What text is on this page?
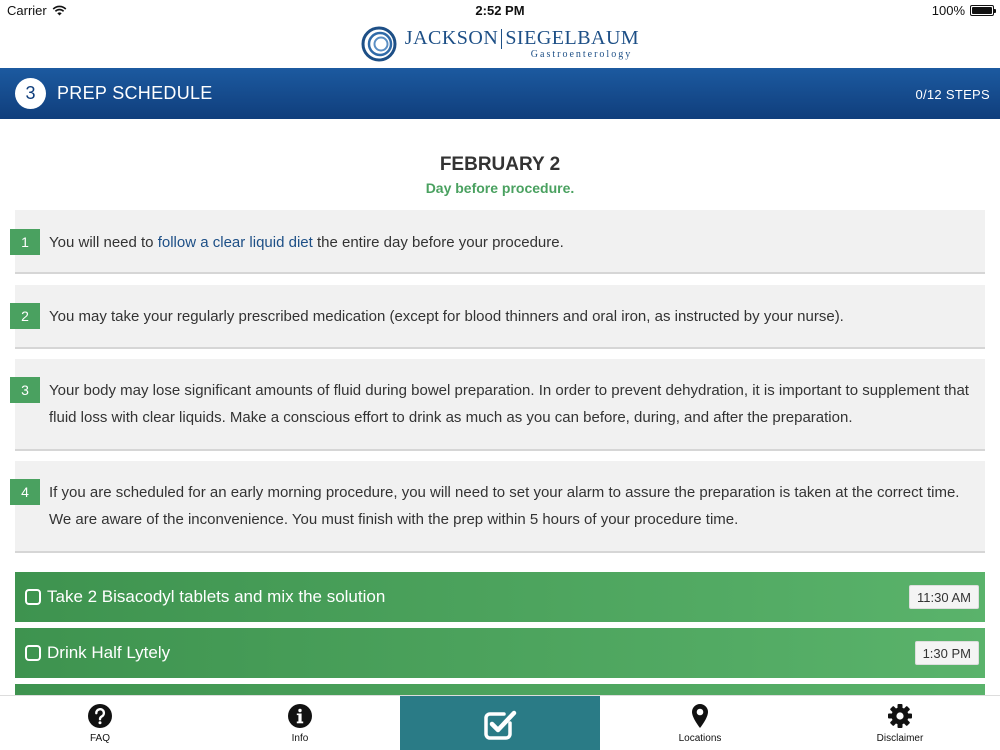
Carrier	2:52 PM	100%
JACKSON SIEGELBAUM
Gastroenterology
3	PREP SCHEDULE	0/12 STEPS
FEBRUARY 2
Day before procedure.
1	You will need to follow a clear liquid diet the entire day before your procedure.
2	You may take your regularly prescribed medication (except for blood thinners and oral iron, as instructed by your nurse).
3	Your body may lose significant amounts of fluid during bowel preparation. In order to prevent dehydration, it is important to supplement that fluid loss with clear liquids. Make a conscious effort to drink as much as you can before, during, and after the preparation.
4	If you are scheduled for an early morning procedure, you will need to set your alarm to assure the preparation is taken at the correct time. We are aware of the inconvenience. You must finish with the prep within 5 hours of your procedure time.
Take 2 Bisacodyl tablets and mix the solution	11:30 AM
Drink Half Lytely	1:30 PM
FAQ	Info	Locations	Disclaimer
